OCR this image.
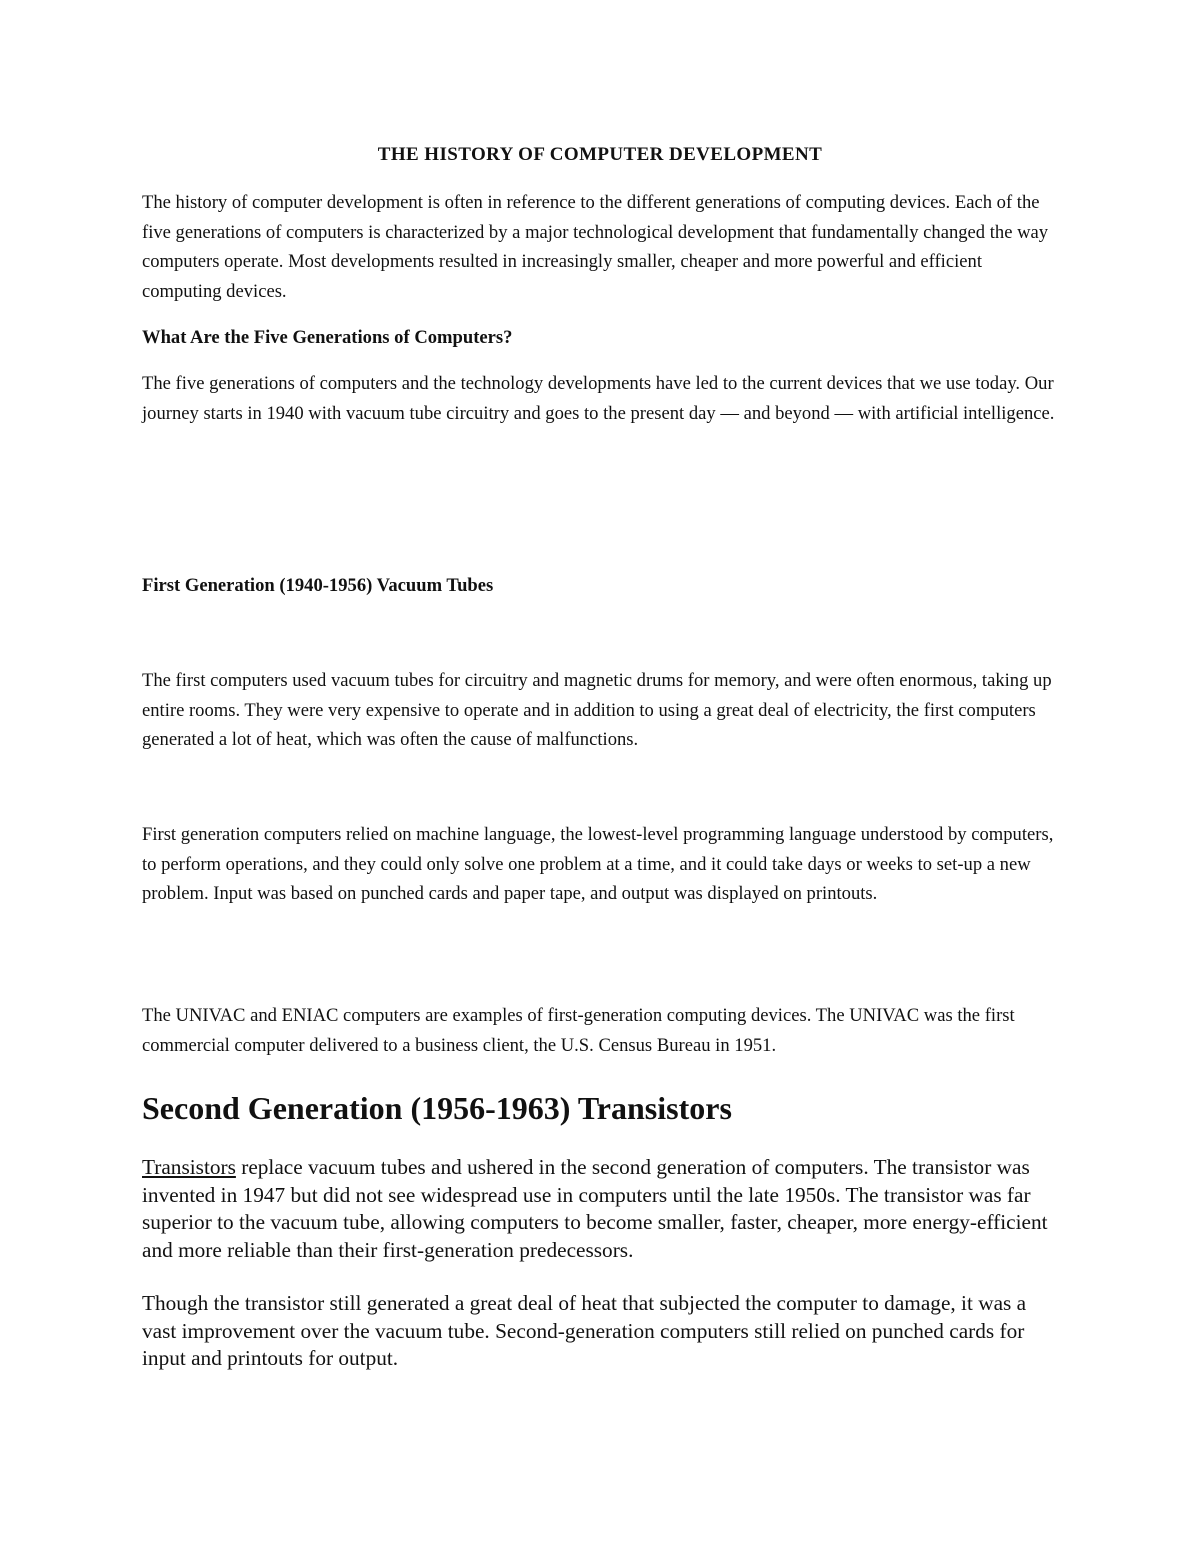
THE HISTORY OF COMPUTER DEVELOPMENT

The history of computer development is often in reference to the different generations of computing devices. Each of the five generations of computers is characterized by a major technological development that fundamentally changed the way computers operate. Most developments resulted in increasingly smaller, cheaper and more powerful and efficient computing devices.

What Are the Five Generations of Computers?

The five generations of computers and the technology developments have led to the current devices that we use today. Our journey starts in 1940 with vacuum tube circuitry and goes to the present day — and beyond — with artificial intelligence.

First Generation (1940-1956) Vacuum Tubes

The first computers used vacuum tubes for circuitry and magnetic drums for memory, and were often enormous, taking up entire rooms. They were very expensive to operate and in addition to using a great deal of electricity, the first computers generated a lot of heat, which was often the cause of malfunctions.

First generation computers relied on machine language, the lowest-level programming language understood by computers, to perform operations, and they could only solve one problem at a time, and it could take days or weeks to set-up a new problem. Input was based on punched cards and paper tape, and output was displayed on printouts.

The UNIVAC and ENIAC computers are examples of first-generation computing devices. The UNIVAC was the first commercial computer delivered to a business client, the U.S. Census Bureau in 1951.

Second Generation (1956-1963) Transistors

Transistors replace vacuum tubes and ushered in the second generation of computers. The transistor was invented in 1947 but did not see widespread use in computers until the late 1950s. The transistor was far superior to the vacuum tube, allowing computers to become smaller, faster, cheaper, more energy-efficient and more reliable than their first-generation predecessors.

Though the transistor still generated a great deal of heat that subjected the computer to damage, it was a vast improvement over the vacuum tube. Second-generation computers still relied on punched cards for input and printouts for output.
